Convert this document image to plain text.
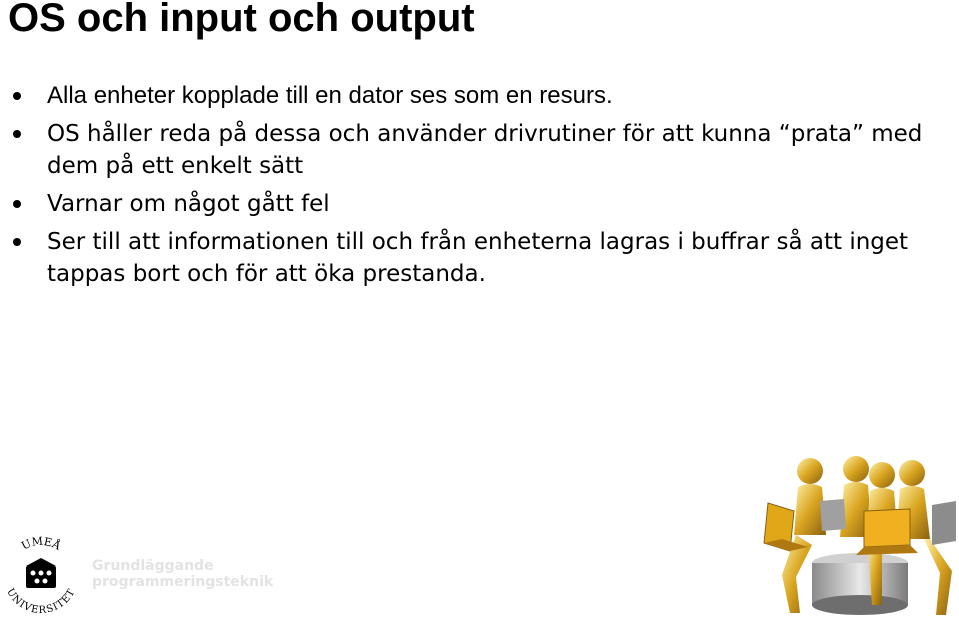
OS och input och output
Alla enheter kopplade till en dator ses som en resurs.
OS håller reda på dessa och använder drivrutiner för att kunna “prata” med dem på ett enkelt sätt
Varnar om något gått fel
Ser till att informationen till och från enheterna lagras i buffrar så att inget tappas bort och för att öka prestanda.
UMEÅ
UNIVERSITET
Grundläggande
programmeringsteknik
